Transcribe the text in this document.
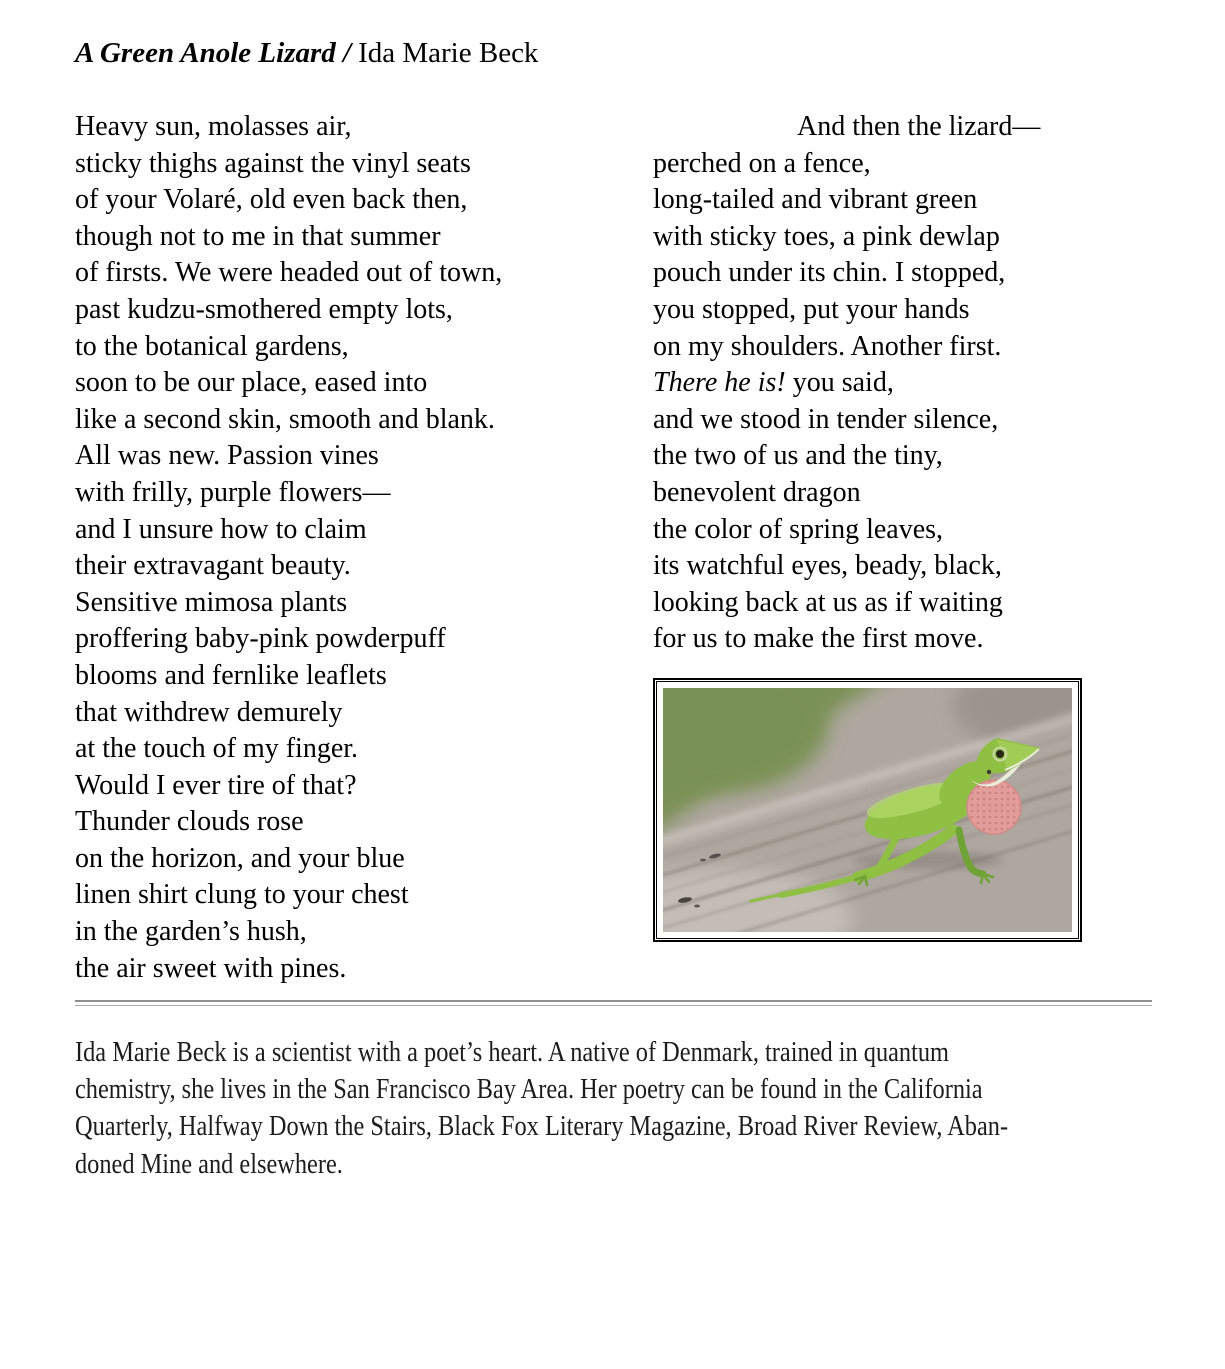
A Green Anole Lizard / Ida Marie Beck
Heavy sun, molasses air,
sticky thighs against the vinyl seats
of your Volaré, old even back then,
though not to me in that summer
of firsts. We were headed out of town,
past kudzu-smothered empty lots,
to the botanical gardens,
soon to be our place, eased into
like a second skin, smooth and blank.
All was new. Passion vines
with frilly, purple flowers—
and I unsure how to claim
their extravagant beauty.
Sensitive mimosa plants
proffering baby-pink powderpuff
blooms and fernlike leaflets
that withdrew demurely
at the touch of my finger.
Would I ever tire of that?
Thunder clouds rose
on the horizon, and your blue
linen shirt clung to your chest
in the garden’s hush,
the air sweet with pines.
And then the lizard—
perched on a fence,
long-tailed and vibrant green
with sticky toes, a pink dewlap
pouch under its chin. I stopped,
you stopped, put your hands
on my shoulders. Another first.
There he is! you said,
and we stood in tender silence,
the two of us and the tiny,
benevolent dragon
the color of spring leaves,
its watchful eyes, beady, black,
looking back at us as if waiting
for us to make the first move.
Ida Marie Beck is a scientist with a poet’s heart. A native of Denmark, trained in quantum
chemistry, she lives in the San Francisco Bay Area. Her poetry can be found in the California
Quarterly, Halfway Down the Stairs, Black Fox Literary Magazine, Broad River Review, Aban-
doned Mine and elsewhere.
